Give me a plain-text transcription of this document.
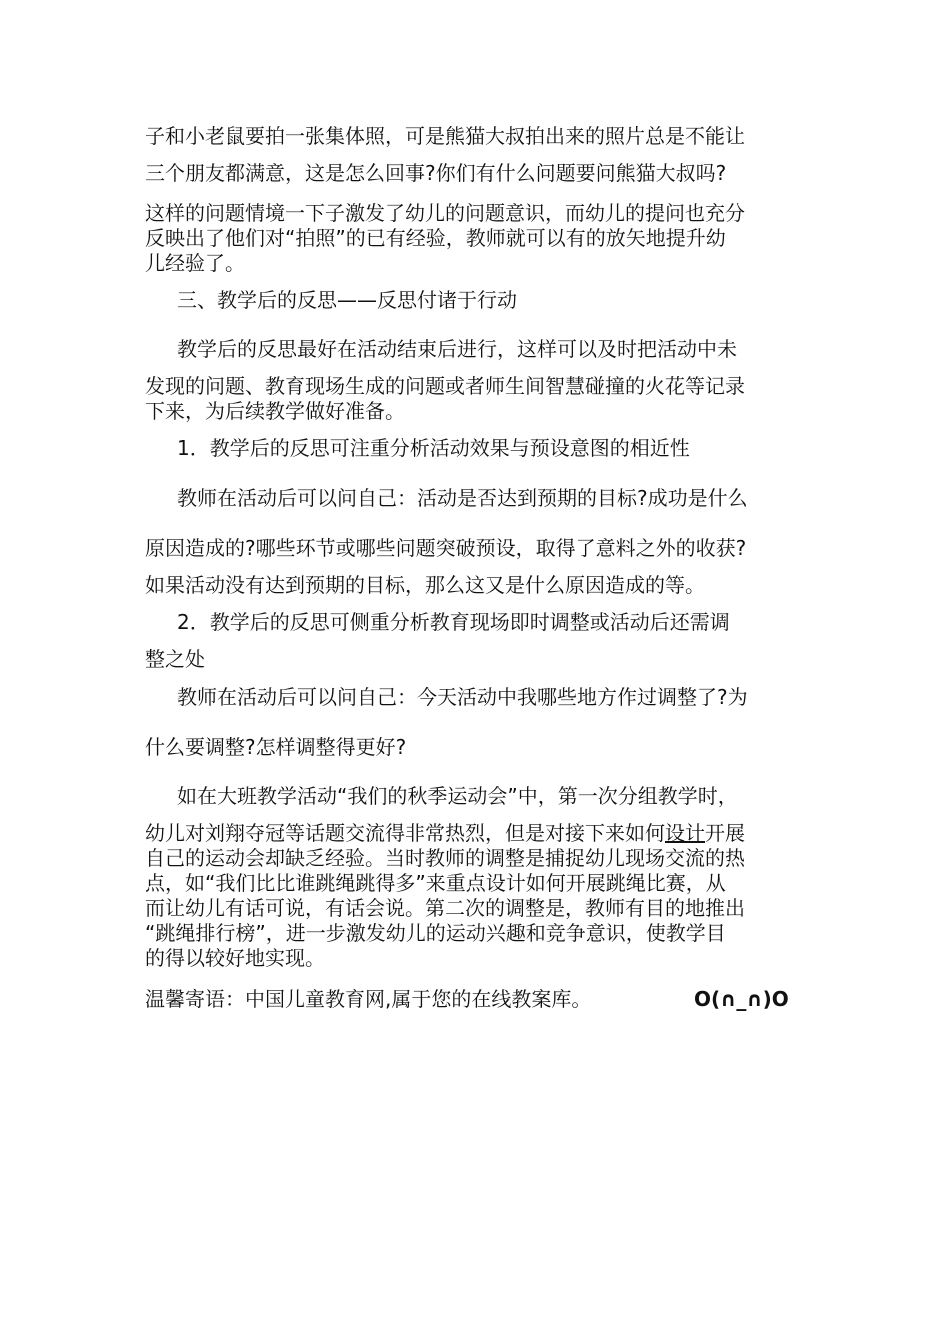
子和小老鼠要拍一张集体照，可是熊猫大叔拍出来的照片总是不能让
三个朋友都满意，这是怎么回事?你们有什么问题要问熊猫大叔吗?
这样的问题情境一下子激发了幼儿的问题意识，而幼儿的提问也充分
反映出了他们对“拍照”的已有经验，教师就可以有的放矢地提升幼
儿经验了。
三、教学后的反思——反思付诸于行动
教学后的反思最好在活动结束后进行，这样可以及时把活动中未
发现的问题、教育现场生成的问题或者师生间智慧碰撞的火花等记录
下来，为后续教学做好准备。
1．教学后的反思可注重分析活动效果与预设意图的相近性
教师在活动后可以问自己：活动是否达到预期的目标?成功是什么
原因造成的?哪些环节或哪些问题突破预设，取得了意料之外的收获?
如果活动没有达到预期的目标，那么这又是什么原因造成的等。
2．教学后的反思可侧重分析教育现场即时调整或活动后还需调
整之处
教师在活动后可以问自己：今天活动中我哪些地方作过调整了?为
什么要调整?怎样调整得更好?
如在大班教学活动“我们的秋季运动会”中，第一次分组教学时，
幼儿对刘翔夺冠等话题交流得非常热烈，但是对接下来如何设计开展
自己的运动会却缺乏经验。当时教师的调整是捕捉幼儿现场交流的热
点，如“我们比比谁跳绳跳得多”来重点设计如何开展跳绳比赛，从
而让幼儿有话可说，有话会说。第二次的调整是，教师有目的地推出
“跳绳排行榜”，进一步激发幼儿的运动兴趣和竞争意识，使教学目
的得以较好地实现。
温馨寄语：中国儿童教育网,属于您的在线教案库。	O(∩_∩)O
